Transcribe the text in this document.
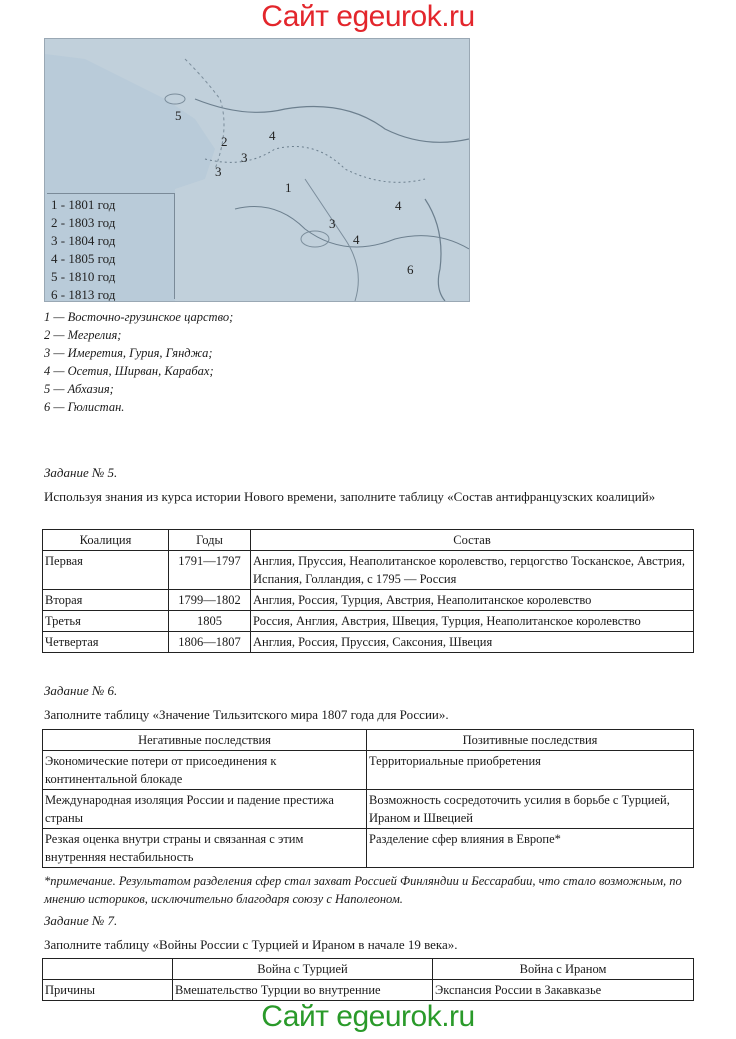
Сайт egeurok.ru
5
2	4
3
3
1
3
4
4
6
1 - 1801 год
2 - 1803 год
3 - 1804 год
4 - 1805 год
5 - 1810 год
6 - 1813 год
1 — Восточно-грузинское царство;
2 — Мегрелия;
3 — Имеретия, Гурия, Гянджа;
4 — Осетия, Ширван, Карабах;
5 — Абхазия;
6 — Гюлистан.
Задание № 5.
Используя знания из курса истории Нового времени, заполните таблицу «Состав антифранцузских коалиций»
Коалиция	Годы	Состав
Первая	1791—1797	Англия, Пруссия, Неаполитанское королевство, герцогство Тосканское, Австрия, Испания, Голландия, с 1795 — Россия
Вторая	1799—1802	Англия, Россия, Турция, Австрия, Неаполитанское королевство
Третья	1805	Россия, Англия, Австрия, Швеция, Турция, Неаполитанское королевство
Четвертая	1806—1807	Англия, Россия, Пруссия, Саксония, Швеция
Задание № 6.
Заполните таблицу «Значение Тильзитского мира 1807 года для России».
Негативные последствия	Позитивные последствия
Экономические потери от присоединения к континентальной блокаде	Территориальные приобретения
Международная изоляция России и падение престижа страны	Возможность сосредоточить усилия в борьбе с Турцией, Ираном и Швецией
Резкая оценка внутри страны и связанная с этим внутренняя нестабильность	Разделение сфер влияния в Европе*
*примечание. Результатом разделения сфер стал захват Россией Финляндии и Бессарабии, что стало возможным, по мнению историков, исключительно благодаря союзу с Наполеоном.
Задание № 7.
Заполните таблицу «Войны России с Турцией и Ираном в начале 19 века».
	Война с Турцией	Война с Ираном
Причины	Вмешательство Турции во внутренние	Экспансия России в Закавказье
Сайт egeurok.ru
